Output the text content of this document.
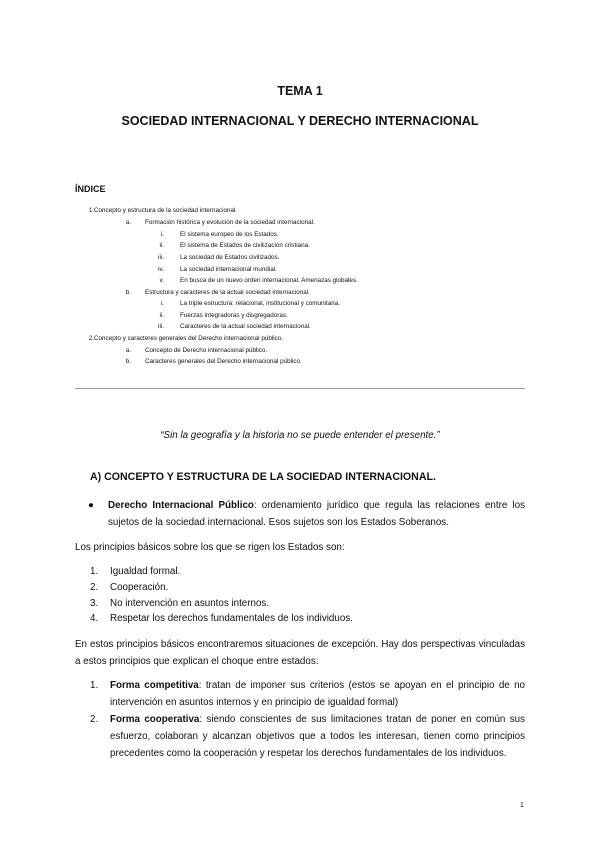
TEMA 1
SOCIEDAD INTERNACIONAL Y DERECHO INTERNACIONAL
ÍNDICE
1. Concepto y estructura de la sociedad internacional.
a. Formación histórica y evolución de la sociedad internacional.
i.	El sistema europeo de los Estados.
ii.	El sistema de Estados de civilización cristiana.
iii.	La sociedad de Estados civilizados.
iv.	La sociedad internacional mundial.
v.	En busca de un nuevo orden internacional. Amenazas globales.
b. Estructura y caracteres de la actual sociedad internacional.
i.	La triple estructura: relacional, institucional y comunitaria.
ii.	Fuerzas integradoras y disgregadoras.
iii.	Caracteres de la actual sociedad internacional.
2. Concepto y caracteres generales del Derecho internacional público.
a. Concepto de Derecho internacional público.
b. Caracteres generales del Derecho internacional público.
“Sin la geografía y la historia no se puede entender el presente.”
A) CONCEPTO Y ESTRUCTURA DE LA SOCIEDAD INTERNACIONAL.
● Derecho Internacional Público: ordenamiento jurídico que regula las relaciones entre los sujetos de la sociedad internacional. Esos sujetos son los Estados Soberanos.
Los principios básicos sobre los que se rigen los Estados son:
1.	Igualdad formal.
2.	Cooperación.
3.	No intervención en asuntos internos.
4.	Respetar los derechos fundamentales de los individuos.
En estos principios básicos encontraremos situaciones de excepción. Hay dos perspectivas vinculadas a estos principios que explican el choque entre estados:
1. Forma competitiva: tratan de imponer sus criterios (estos se apoyan en el principio de no intervención en asuntos internos y en principio de igualdad formal)
2. Forma cooperativa: siendo conscientes de sus limitaciones tratan de poner en común sus esfuerzo, colaboran y alcanzan objetivos que a todos les interesan, tienen como principios precedentes como la cooperación y respetar los derechos fundamentales de los individuos.
1
